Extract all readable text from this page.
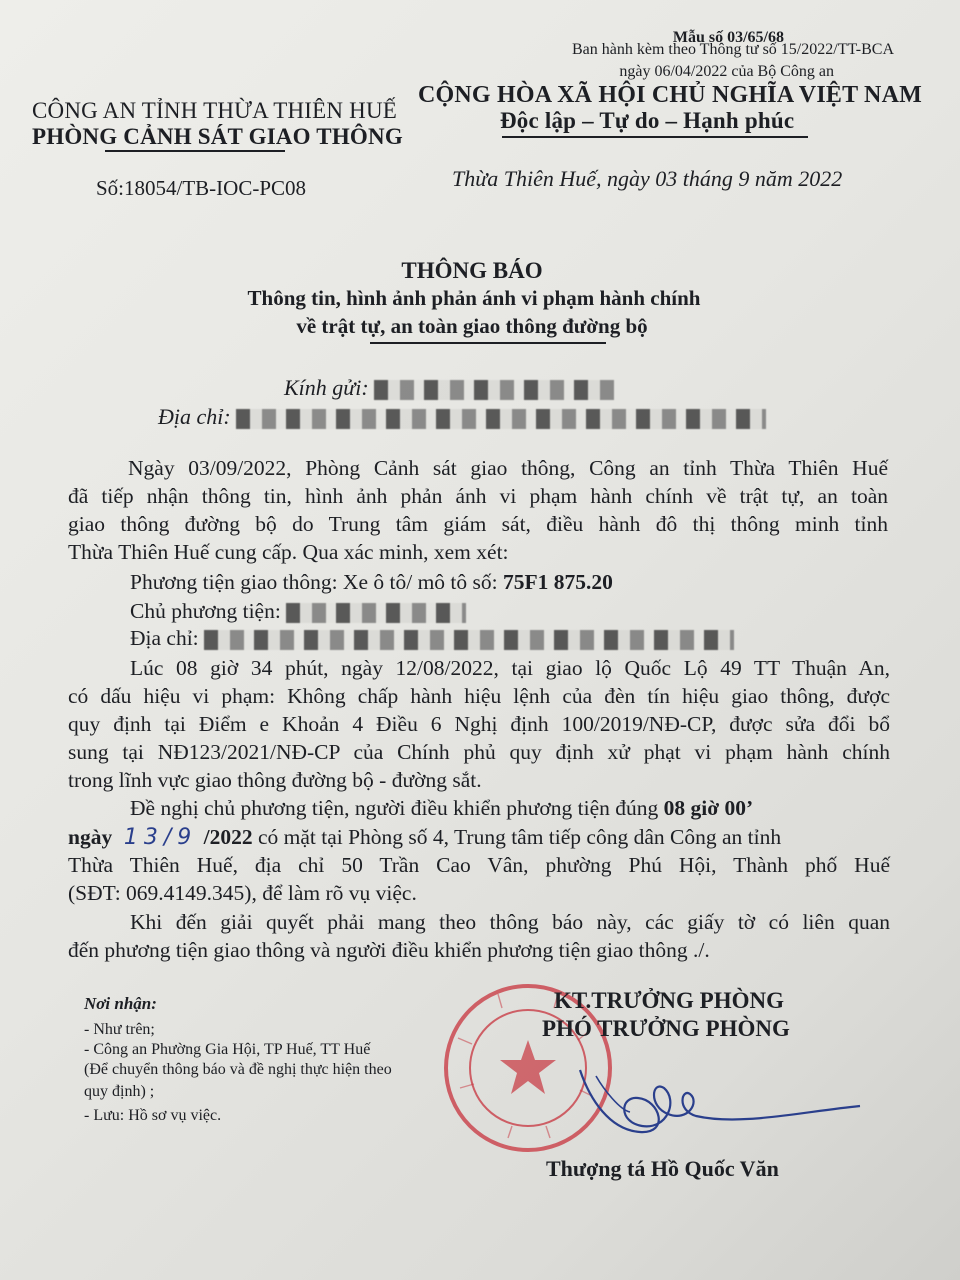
Mẫu số 03/65/68
Ban hành kèm theo Thông tư số 15/2022/TT-BCA
ngày 06/04/2022 của Bộ Công an
CÔNG AN TỈNH THỪA THIÊN HUẾ
PHÒNG CẢNH SÁT GIAO THÔNG
Số:18054/TB-IOC-PC08
CỘNG HÒA XÃ HỘI CHỦ NGHĨA VIỆT NAM
Độc lập – Tự do – Hạnh phúc
Thừa Thiên Huế, ngày 03 tháng 9 năm 2022
THÔNG BÁO
Thông tin, hình ảnh phản ánh vi phạm hành chính
về trật tự, an toàn giao thông đường bộ
Kính gửi:
Địa chỉ:
Ngày 03/09/2022, Phòng Cảnh sát giao thông, Công an tỉnh Thừa Thiên Huế
đã tiếp nhận thông tin, hình ảnh phản ánh vi phạm hành chính về trật tự, an toàn
giao thông đường bộ do Trung tâm giám sát, điều hành đô thị thông minh tỉnh
Thừa Thiên Huế cung cấp. Qua xác minh, xem xét:
Phương tiện giao thông: Xe ô tô/ mô tô số: 75F1 875.20
Chủ phương tiện:
Địa chỉ:
Lúc 08 giờ 34 phút, ngày 12/08/2022, tại giao lộ Quốc Lộ 49 TT Thuận An,
có dấu hiệu vi phạm: Không chấp hành hiệu lệnh của đèn tín hiệu giao thông, được
quy định tại Điểm e Khoản 4 Điều 6 Nghị định 100/2019/NĐ-CP, được sửa đổi bổ
sung tại NĐ123/2021/NĐ-CP của Chính phủ quy định xử phạt vi phạm hành chính
trong lĩnh vực giao thông đường bộ - đường sắt.
Đề nghị chủ phương tiện, người điều khiển phương tiện đúng 08 giờ 00’
ngày 13/9 /2022 có mặt tại Phòng số 4, Trung tâm tiếp công dân Công an tỉnh
Thừa Thiên Huế, địa chỉ 50 Trần Cao Vân, phường Phú Hội, Thành phố Huế
(SĐT: 069.4149.345), để làm rõ vụ việc.
Khi đến giải quyết phải mang theo thông báo này, các giấy tờ có liên quan
đến phương tiện giao thông và người điều khiển phương tiện giao thông ./.
Nơi nhận:
- Như trên;
- Công an Phường Gia Hội, TP Huế, TT Huế
(Để chuyển thông báo và đề nghị thực hiện theo
quy định) ;
- Lưu: Hồ sơ vụ việc.
KT.TRƯỞNG PHÒNG
PHÓ TRƯỞNG PHÒNG
Thượng tá Hồ Quốc Văn
